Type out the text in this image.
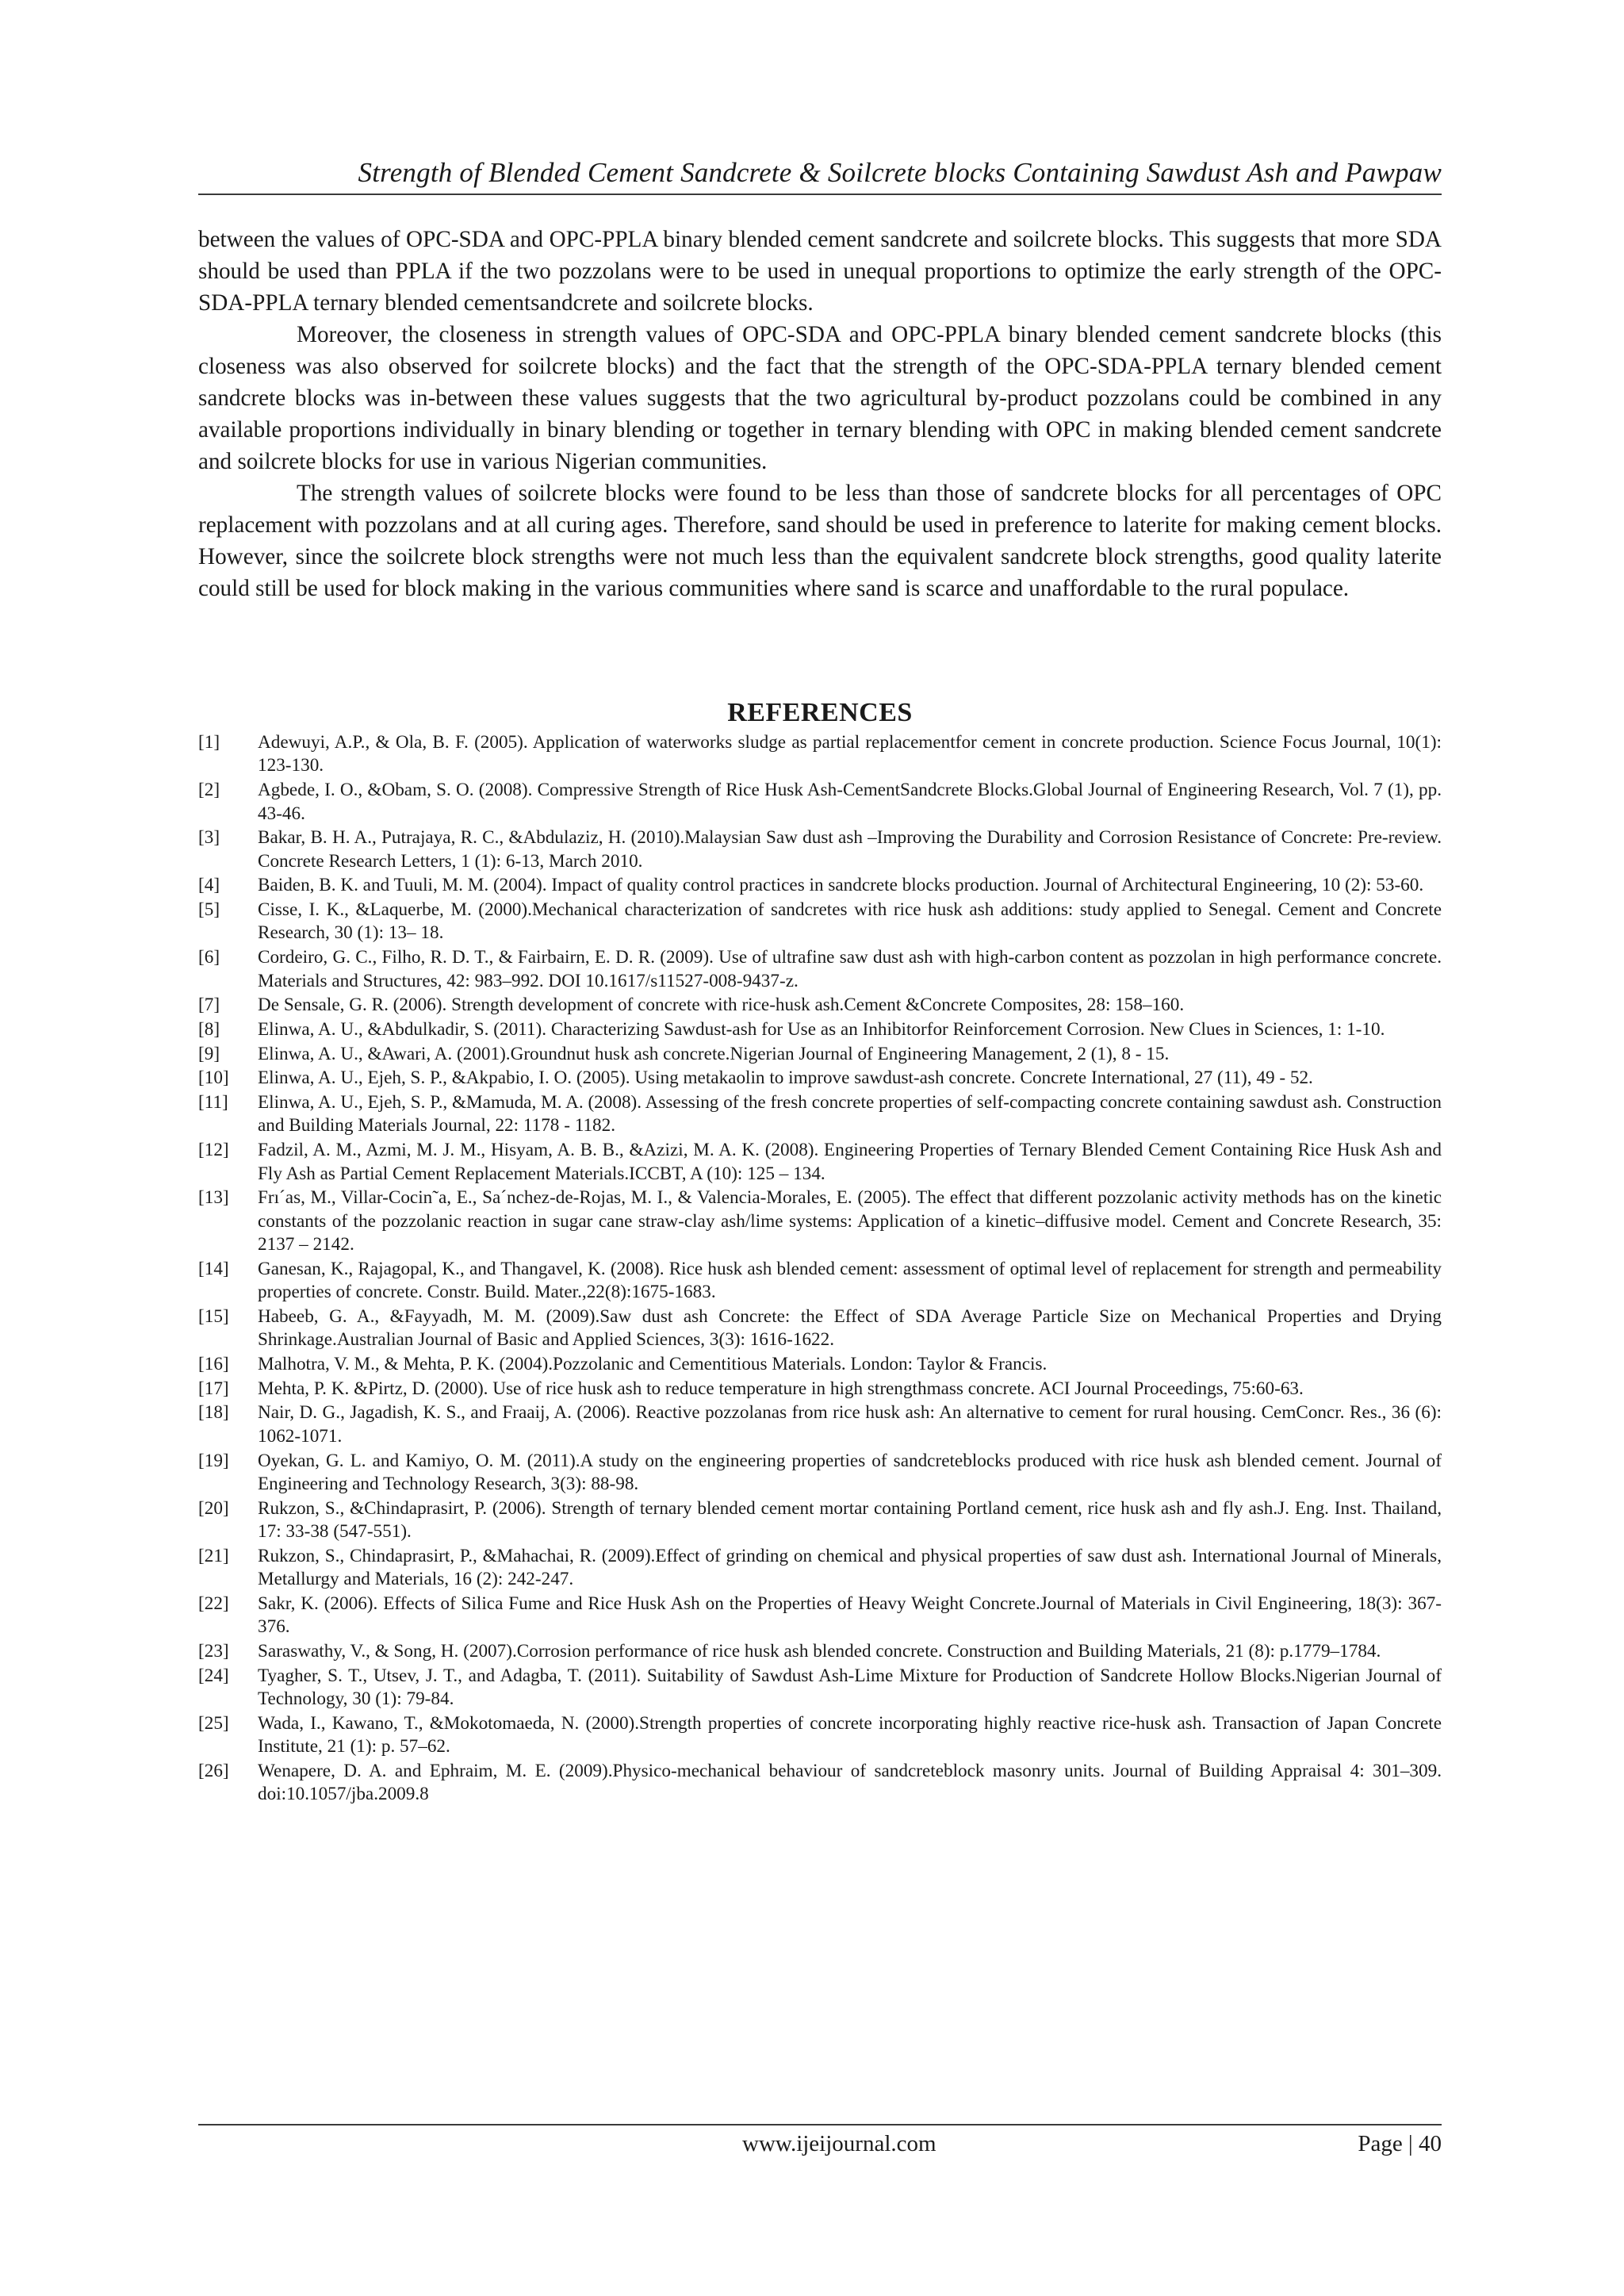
Strength of Blended Cement Sandcrete & Soilcrete blocks Containing Sawdust Ash and Pawpaw

between the values of OPC-SDA and OPC-PPLA binary blended cement sandcrete and soilcrete blocks. This suggests that more SDA should be used than PPLA if the two pozzolans were to be used in unequal proportions to optimize the early strength of the OPC-SDA-PPLA ternary blended cementsandcrete and soilcrete blocks.

Moreover, the closeness in strength values of OPC-SDA and OPC-PPLA binary blended cement sandcrete blocks (this closeness was also observed for soilcrete blocks) and the fact that the strength of the OPC-SDA-PPLA ternary blended cement sandcrete blocks was in-between these values suggests that the two agricultural by-product pozzolans could be combined in any available proportions individually in binary blending or together in ternary blending with OPC in making blended cement sandcrete and soilcrete blocks for use in various Nigerian communities.

The strength values of soilcrete blocks were found to be less than those of sandcrete blocks for all percentages of OPC replacement with pozzolans and at all curing ages. Therefore, sand should be used in preference to laterite for making cement blocks. However, since the soilcrete block strengths were not much less than the equivalent sandcrete block strengths, good quality laterite could still be used for block making in the various communities where sand is scarce and unaffordable to the rural populace.

REFERENCES
[1]	Adewuyi, A.P., & Ola, B. F. (2005). Application of waterworks sludge as partial replacementfor cement in concrete production. Science Focus Journal, 10(1): 123-130.
[2]	Agbede, I. O., &Obam, S. O. (2008). Compressive Strength of Rice Husk Ash-CementSandcrete Blocks.Global Journal of Engineering Research, Vol. 7 (1), pp. 43-46.
[3]	Bakar, B. H. A., Putrajaya, R. C., &Abdulaziz, H. (2010).Malaysian Saw dust ash –Improving the Durability and Corrosion Resistance of Concrete: Pre-review. Concrete Research Letters, 1 (1): 6-13, March 2010.
[4]	Baiden, B. K. and Tuuli, M. M. (2004). Impact of quality control practices in sandcrete blocks production. Journal of Architectural Engineering, 10 (2): 53-60.
[5]	Cisse, I. K., &Laquerbe, M. (2000).Mechanical characterization of sandcretes with rice husk ash additions: study applied to Senegal. Cement and Concrete Research, 30 (1): 13– 18.
[6]	Cordeiro, G. C., Filho, R. D. T., & Fairbairn, E. D. R. (2009). Use of ultrafine saw dust ash with high-carbon content as pozzolan in high performance concrete. Materials and Structures, 42: 983–992. DOI 10.1617/s11527-008-9437-z.
[7]	De Sensale, G. R. (2006). Strength development of concrete with rice-husk ash.Cement &Concrete Composites, 28: 158–160.
[8]	Elinwa, A. U., &Abdulkadir, S. (2011). Characterizing Sawdust-ash for Use as an Inhibitorfor Reinforcement Corrosion. New Clues in Sciences, 1: 1-10.
[9]	Elinwa, A. U., &Awari, A. (2001).Groundnut husk ash concrete.Nigerian Journal of Engineering Management, 2 (1), 8 - 15.
[10]	Elinwa, A. U., Ejeh, S. P., &Akpabio, I. O. (2005). Using metakaolin to improve sawdust-ash concrete. Concrete International, 27 (11), 49 - 52.
[11]	Elinwa, A. U., Ejeh, S. P., &Mamuda, M. A. (2008). Assessing of the fresh concrete properties of self-compacting concrete containing sawdust ash. Construction and Building Materials Journal, 22: 1178 - 1182.
[12]	Fadzil, A. M., Azmi, M. J. M., Hisyam, A. B. B., &Azizi, M. A. K. (2008). Engineering Properties of Ternary Blended Cement Containing Rice Husk Ash and Fly Ash as Partial Cement Replacement Materials.ICCBT, A (10): 125 – 134.
[13]	Frı´as, M., Villar-Cocin˜a, E., Sa´nchez-de-Rojas, M. I., & Valencia-Morales, E. (2005). The effect that different pozzolanic activity methods has on the kinetic constants of the pozzolanic reaction in sugar cane straw-clay ash/lime systems: Application of a kinetic–diffusive model. Cement and Concrete Research, 35: 2137 – 2142.
[14]	Ganesan, K., Rajagopal, K., and Thangavel, K. (2008). Rice husk ash blended cement: assessment of optimal level of replacement for strength and permeability properties of concrete. Constr. Build. Mater.,22(8):1675-1683.
[15]	Habeeb, G. A., &Fayyadh, M. M. (2009).Saw dust ash Concrete: the Effect of SDA Average Particle Size on Mechanical Properties and Drying Shrinkage.Australian Journal of Basic and Applied Sciences, 3(3): 1616-1622.
[16]	Malhotra, V. M., & Mehta, P. K. (2004).Pozzolanic and Cementitious Materials. London: Taylor & Francis.
[17]	Mehta, P. K. &Pirtz, D. (2000). Use of rice husk ash to reduce temperature in high strengthmass concrete. ACI Journal Proceedings, 75:60-63.
[18]	Nair, D. G., Jagadish, K. S., and Fraaij, A. (2006). Reactive pozzolanas from rice husk ash: An alternative to cement for rural housing. CemConcr. Res., 36 (6): 1062-1071.
[19]	Oyekan, G. L. and Kamiyo, O. M. (2011).A study on the engineering properties of sandcreteblocks produced with rice husk ash blended cement. Journal of Engineering and Technology Research, 3(3): 88-98.
[20]	Rukzon, S., &Chindaprasirt, P. (2006). Strength of ternary blended cement mortar containing Portland cement, rice husk ash and fly ash.J. Eng. Inst. Thailand, 17: 33-38 (547-551).
[21]	Rukzon, S., Chindaprasirt, P., &Mahachai, R. (2009).Effect of grinding on chemical and physical properties of saw dust ash. International Journal of Minerals, Metallurgy and Materials, 16 (2): 242-247.
[22]	Sakr, K. (2006). Effects of Silica Fume and Rice Husk Ash on the Properties of Heavy Weight Concrete.Journal of Materials in Civil Engineering, 18(3): 367-376.
[23]	Saraswathy, V., & Song, H. (2007).Corrosion performance of rice husk ash blended concrete. Construction and Building Materials, 21 (8): p.1779–1784.
[24]	Tyagher, S. T., Utsev, J. T., and Adagba, T. (2011). Suitability of Sawdust Ash-Lime Mixture for Production of Sandcrete Hollow Blocks.Nigerian Journal of Technology, 30 (1): 79-84.
[25]	Wada, I., Kawano, T., &Mokotomaeda, N. (2000).Strength properties of concrete incorporating highly reactive rice-husk ash. Transaction of Japan Concrete Institute, 21 (1): p. 57–62.
[26]	Wenapere, D. A. and Ephraim, M. E. (2009).Physico-mechanical behaviour of sandcreteblock masonry units. Journal of Building Appraisal 4: 301–309. doi:10.1057/jba.2009.8
www.ijeijournal.com	Page | 40
